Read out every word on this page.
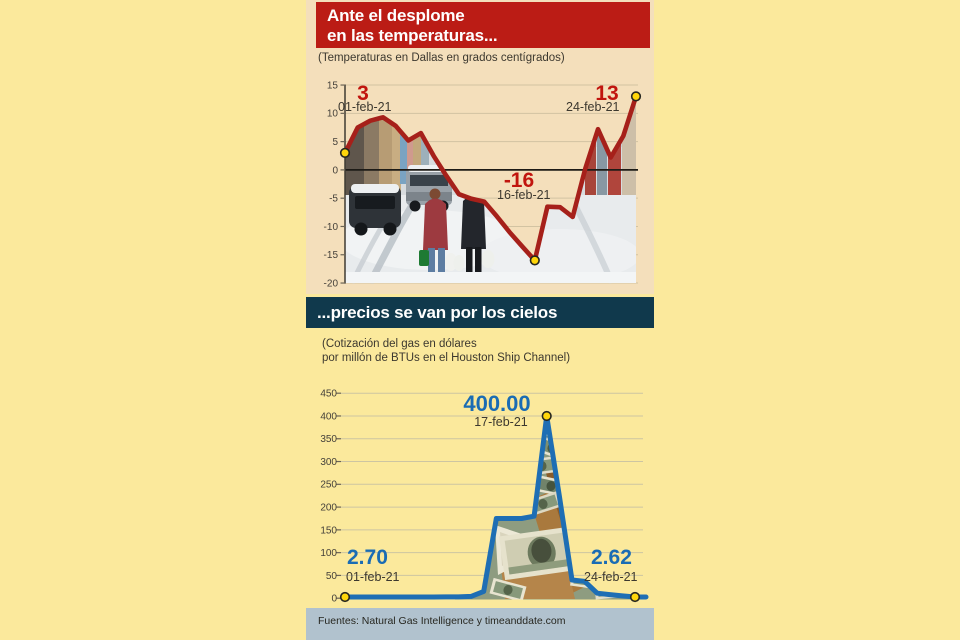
15
10
5
0
-5
-10
-15
-20
450
400
350
300
250
200
150
100
50
0
Ante el desplome
en las temperaturas...
(Temperaturas en Dallas en grados centígrados)
3
01-feb-21
13
24-feb-21
-16
16-feb-21
...precios se van por los cielos
(Cotización del gas en dólares
por millón de BTUs en el Houston Ship Channel)
400.00
17-feb-21
2.70
01-feb-21
2.62
24-feb-21
Fuentes: Natural Gas Intelligence y timeanddate.com
